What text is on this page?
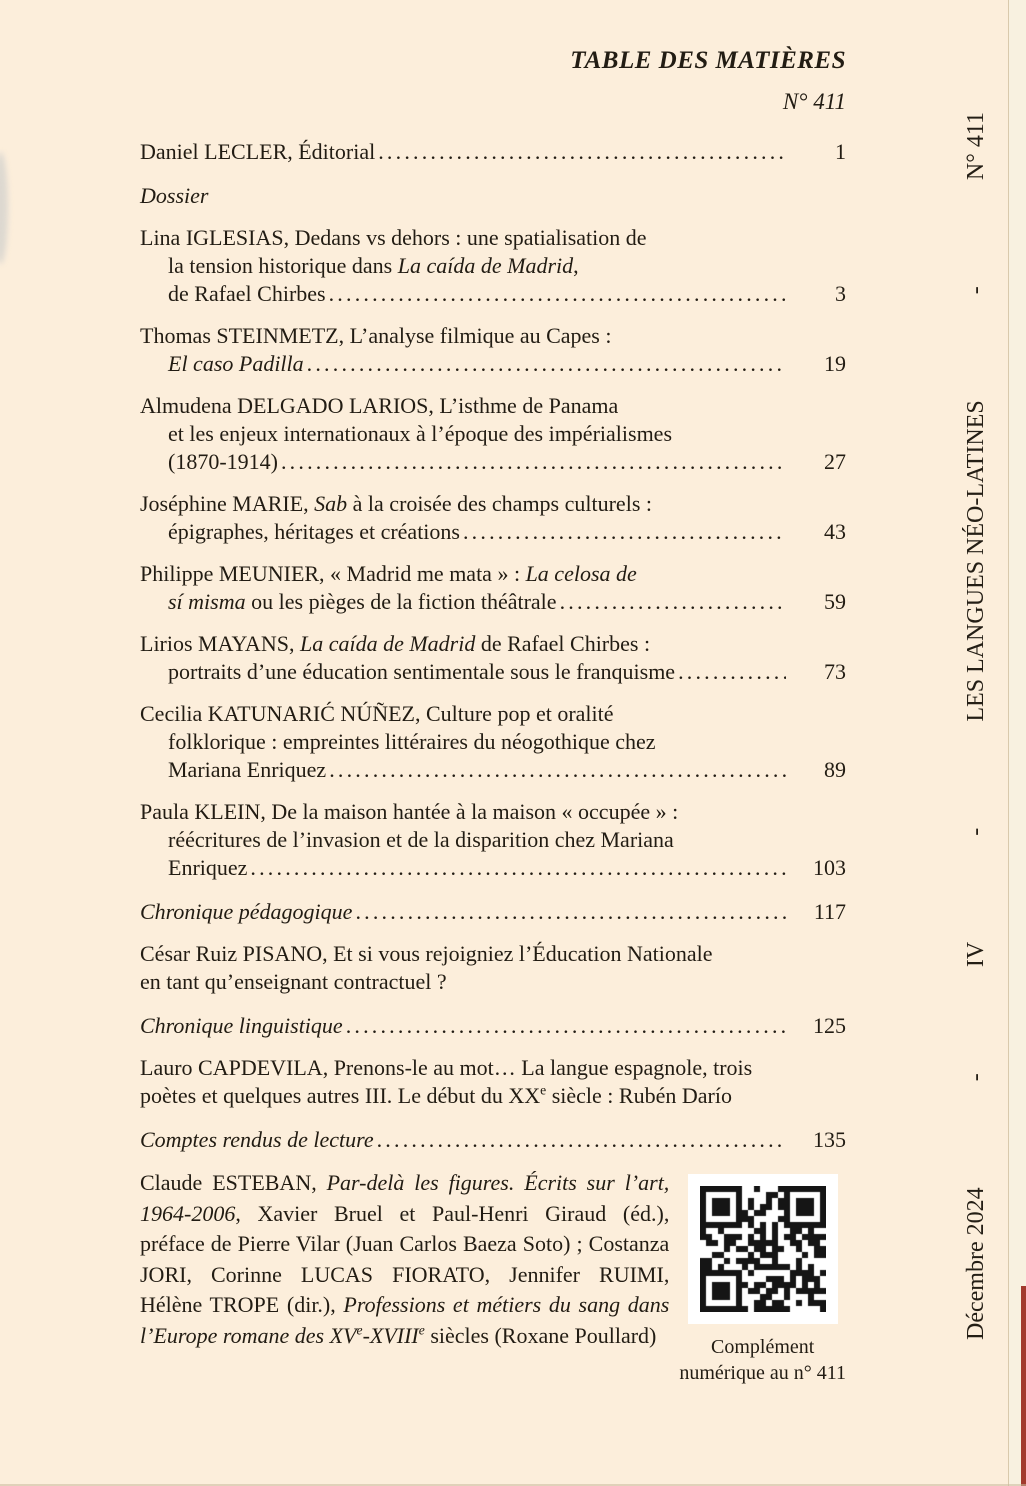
Décembre 2024
-
IV
-
LES LANGUES NÉO-LATINES
-
N° 411
TABLE DES MATIÈRES
N° 411
Daniel LECLER, Éditorial .....	1
Dossier
Lina IGLESIAS, Dedans vs dehors : une spatialisation de
la tension historique dans La caída de Madrid,
de Rafael Chirbes .....	3
Thomas STEINMETZ, L’analyse filmique au Capes :
El caso Padilla .....	19
Almudena DELGADO LARIOS, L’isthme de Panama
et les enjeux internationaux à l’époque des impérialismes
(1870-1914) .....	27
Joséphine MARIE, Sab à la croisée des champs culturels :
épigraphes, héritages et créations .....	43
Philippe MEUNIER, « Madrid me mata » : La celosa de
sí misma ou les pièges de la fiction théâtrale .....	59
Lirios MAYANS, La caída de Madrid de Rafael Chirbes :
portraits d’une éducation sentimentale sous le franquisme .....	73
Cecilia KATUNARIĆ NÚÑEZ, Culture pop et oralité
folklorique : empreintes littéraires du néogothique chez
Mariana Enriquez .....	89
Paula KLEIN, De la maison hantée à la maison « occupée » :
réécritures de l’invasion et de la disparition chez Mariana
Enriquez .....	103
Chronique pédagogique .....	117
César Ruiz PISANO, Et si vous rejoigniez l’Éducation Nationale
en tant qu’enseignant contractuel ?
Chronique linguistique .....	125
Lauro CAPDEVILA, Prenons-le au mot… La langue espagnole, trois
poètes et quelques autres III. Le début du XXe siècle : Rubén Darío
Comptes rendus de lecture .....	135
Claude ESTEBAN, Par-delà les figures. Écrits sur l’art, 1964-2006, Xavier Bruel et Paul-Henri Giraud (éd.), préface de Pierre Vilar (Juan Carlos Baeza Soto) ; Costanza JORI, Corinne LUCAS FIORATO, Jennifer RUIMI, Hélène TROPE (dir.), Professions et métiers du sang dans l’Europe romane des XVe-XVIIIe siècles (Roxane Poullard)	Complément
numérique au n° 411
